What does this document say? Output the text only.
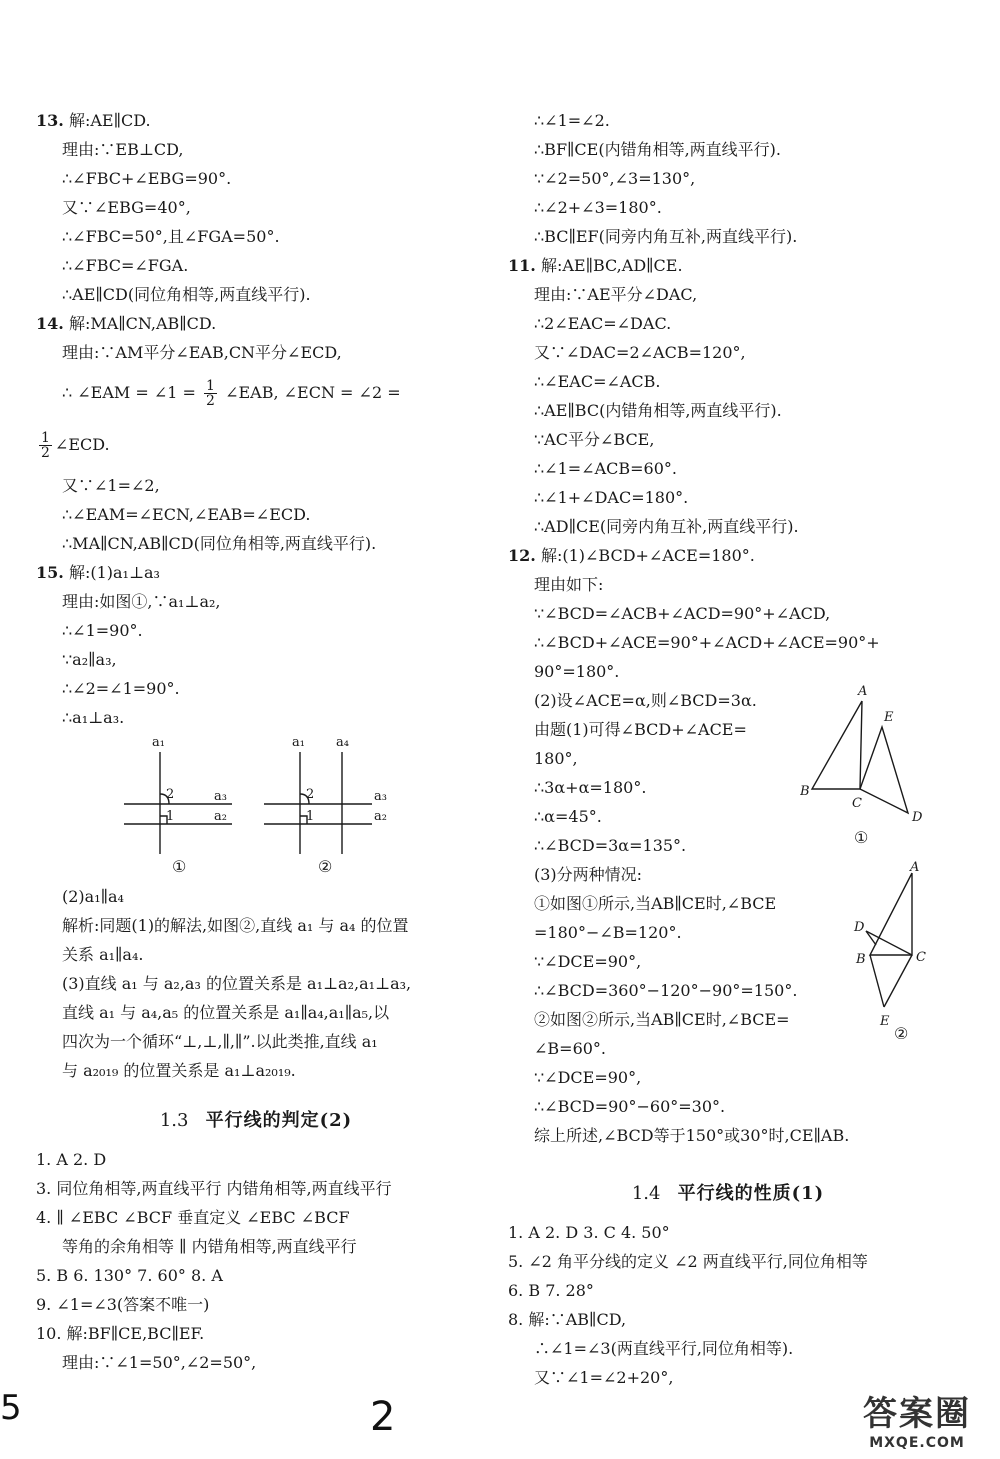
13. 解:AE∥CD.
理由:∵EB⊥CD,
∴∠FBC+∠EBG=90°.
又∵∠EBG=40°,
∴∠FBC=50°,且∠FGA=50°.
∴∠FBC=∠FGA.
∴AE∥CD(同位角相等,两直线平行).
14. 解:MA∥CN,AB∥CD.
理由:∵AM平分∠EAB,CN平分∠ECD,
∴ ∠EAM = ∠1 = $\frac{1}{2}$ ∠EAB, ∠ECN = ∠2 =
$\frac{1}{2}$ ∠ECD.
又∵∠1=∠2,
∴∠EAM=∠ECN,∠EAB=∠ECD.
∴MA∥CN,AB∥CD(同位角相等,两直线平行).
15. 解:(1)a₁⊥a₃
理由:如图①,∵a₁⊥a₂,
∴∠1=90°.
∵a₂∥a₃,
∴∠2=∠1=90°.
∴a₁⊥a₃.
a₁
a₃
a₂
2
1
①
a₁ a₄
a₃
a₂
2
1
②
(2)a₁∥a₄
解析:同题(1)的解法,如图②,直线 a₁ 与 a₄ 的位置
关系 a₁∥a₄.
(3)直线 a₁ 与 a₂,a₃ 的位置关系是 a₁⊥a₂,a₁⊥a₃,
直线 a₁ 与 a₄,a₅ 的位置关系是 a₁∥a₄,a₁∥a₅,以
四次为一个循环“⊥,⊥,∥,∥”.以此类推,直线 a₁
与 a₂₀₁₉ 的位置关系是 a₁⊥a₂₀₁₉.
1.3 平行线的判定(2)
1. A 2. D
3. 同位角相等,两直线平行 内错角相等,两直线平行
4. ∥ ∠EBC ∠BCF 垂直定义 ∠EBC ∠BCF
等角的余角相等 ∥ 内错角相等,两直线平行
5. B 6. 130° 7. 60° 8. A
9. ∠1=∠3(答案不唯一)
10. 解:BF∥CE,BC∥EF.
理由:∵∠1=50°,∠2=50°,
∴∠1=∠2.
∴BF∥CE(内错角相等,两直线平行).
∵∠2=50°,∠3=130°,
∴∠2+∠3=180°.
∴BC∥EF(同旁内角互补,两直线平行).
11. 解:AE∥BC,AD∥CE.
理由:∵AE平分∠DAC,
∴2∠EAC=∠DAC.
又∵∠DAC=2∠ACB=120°,
∴∠EAC=∠ACB.
∴AE∥BC(内错角相等,两直线平行).
∵AC平分∠BCE,
∴∠1=∠ACB=60°.
∴∠1+∠DAC=180°.
∴AD∥CE(同旁内角互补,两直线平行).
12. 解:(1)∠BCD+∠ACE=180°.
理由如下:
∵∠BCD=∠ACB+∠ACD=90°+∠ACD,
∴∠BCD+∠ACE=90°+∠ACD+∠ACE=90°+
90°=180°.
(2)设∠ACE=α,则∠BCD=3α.
由题(1)可得∠BCD+∠ACE=
180°,
∴3α+α=180°.
∴α=45°.
∴∠BCD=3α=135°.
(3)分两种情况:
①如图①所示,当AB∥CE时,∠BCE
=180°−∠B=120°.
∵∠DCE=90°,
∴∠BCD=360°−120°−90°=150°.
②如图②所示,当AB∥CE时,∠BCE=
∠B=60°.
∵∠DCE=90°,
∴∠BCD=90°−60°=30°.
综上所述,∠BCD等于150°或30°时,CE∥AB.
A
B
C
D
E
①
A
B	C
D
E
②
1.4 平行线的性质(1)
1. A 2. D 3. C 4. 50°
5. ∠2 角平分线的定义 ∠2 两直线平行,同位角相等
6. B 7. 28°
8. 解:∵AB∥CD,
∴∠1=∠3(两直线平行,同位角相等).
又∵∠1=∠2+20°,
5	2	答案圈
MXQE.COM
